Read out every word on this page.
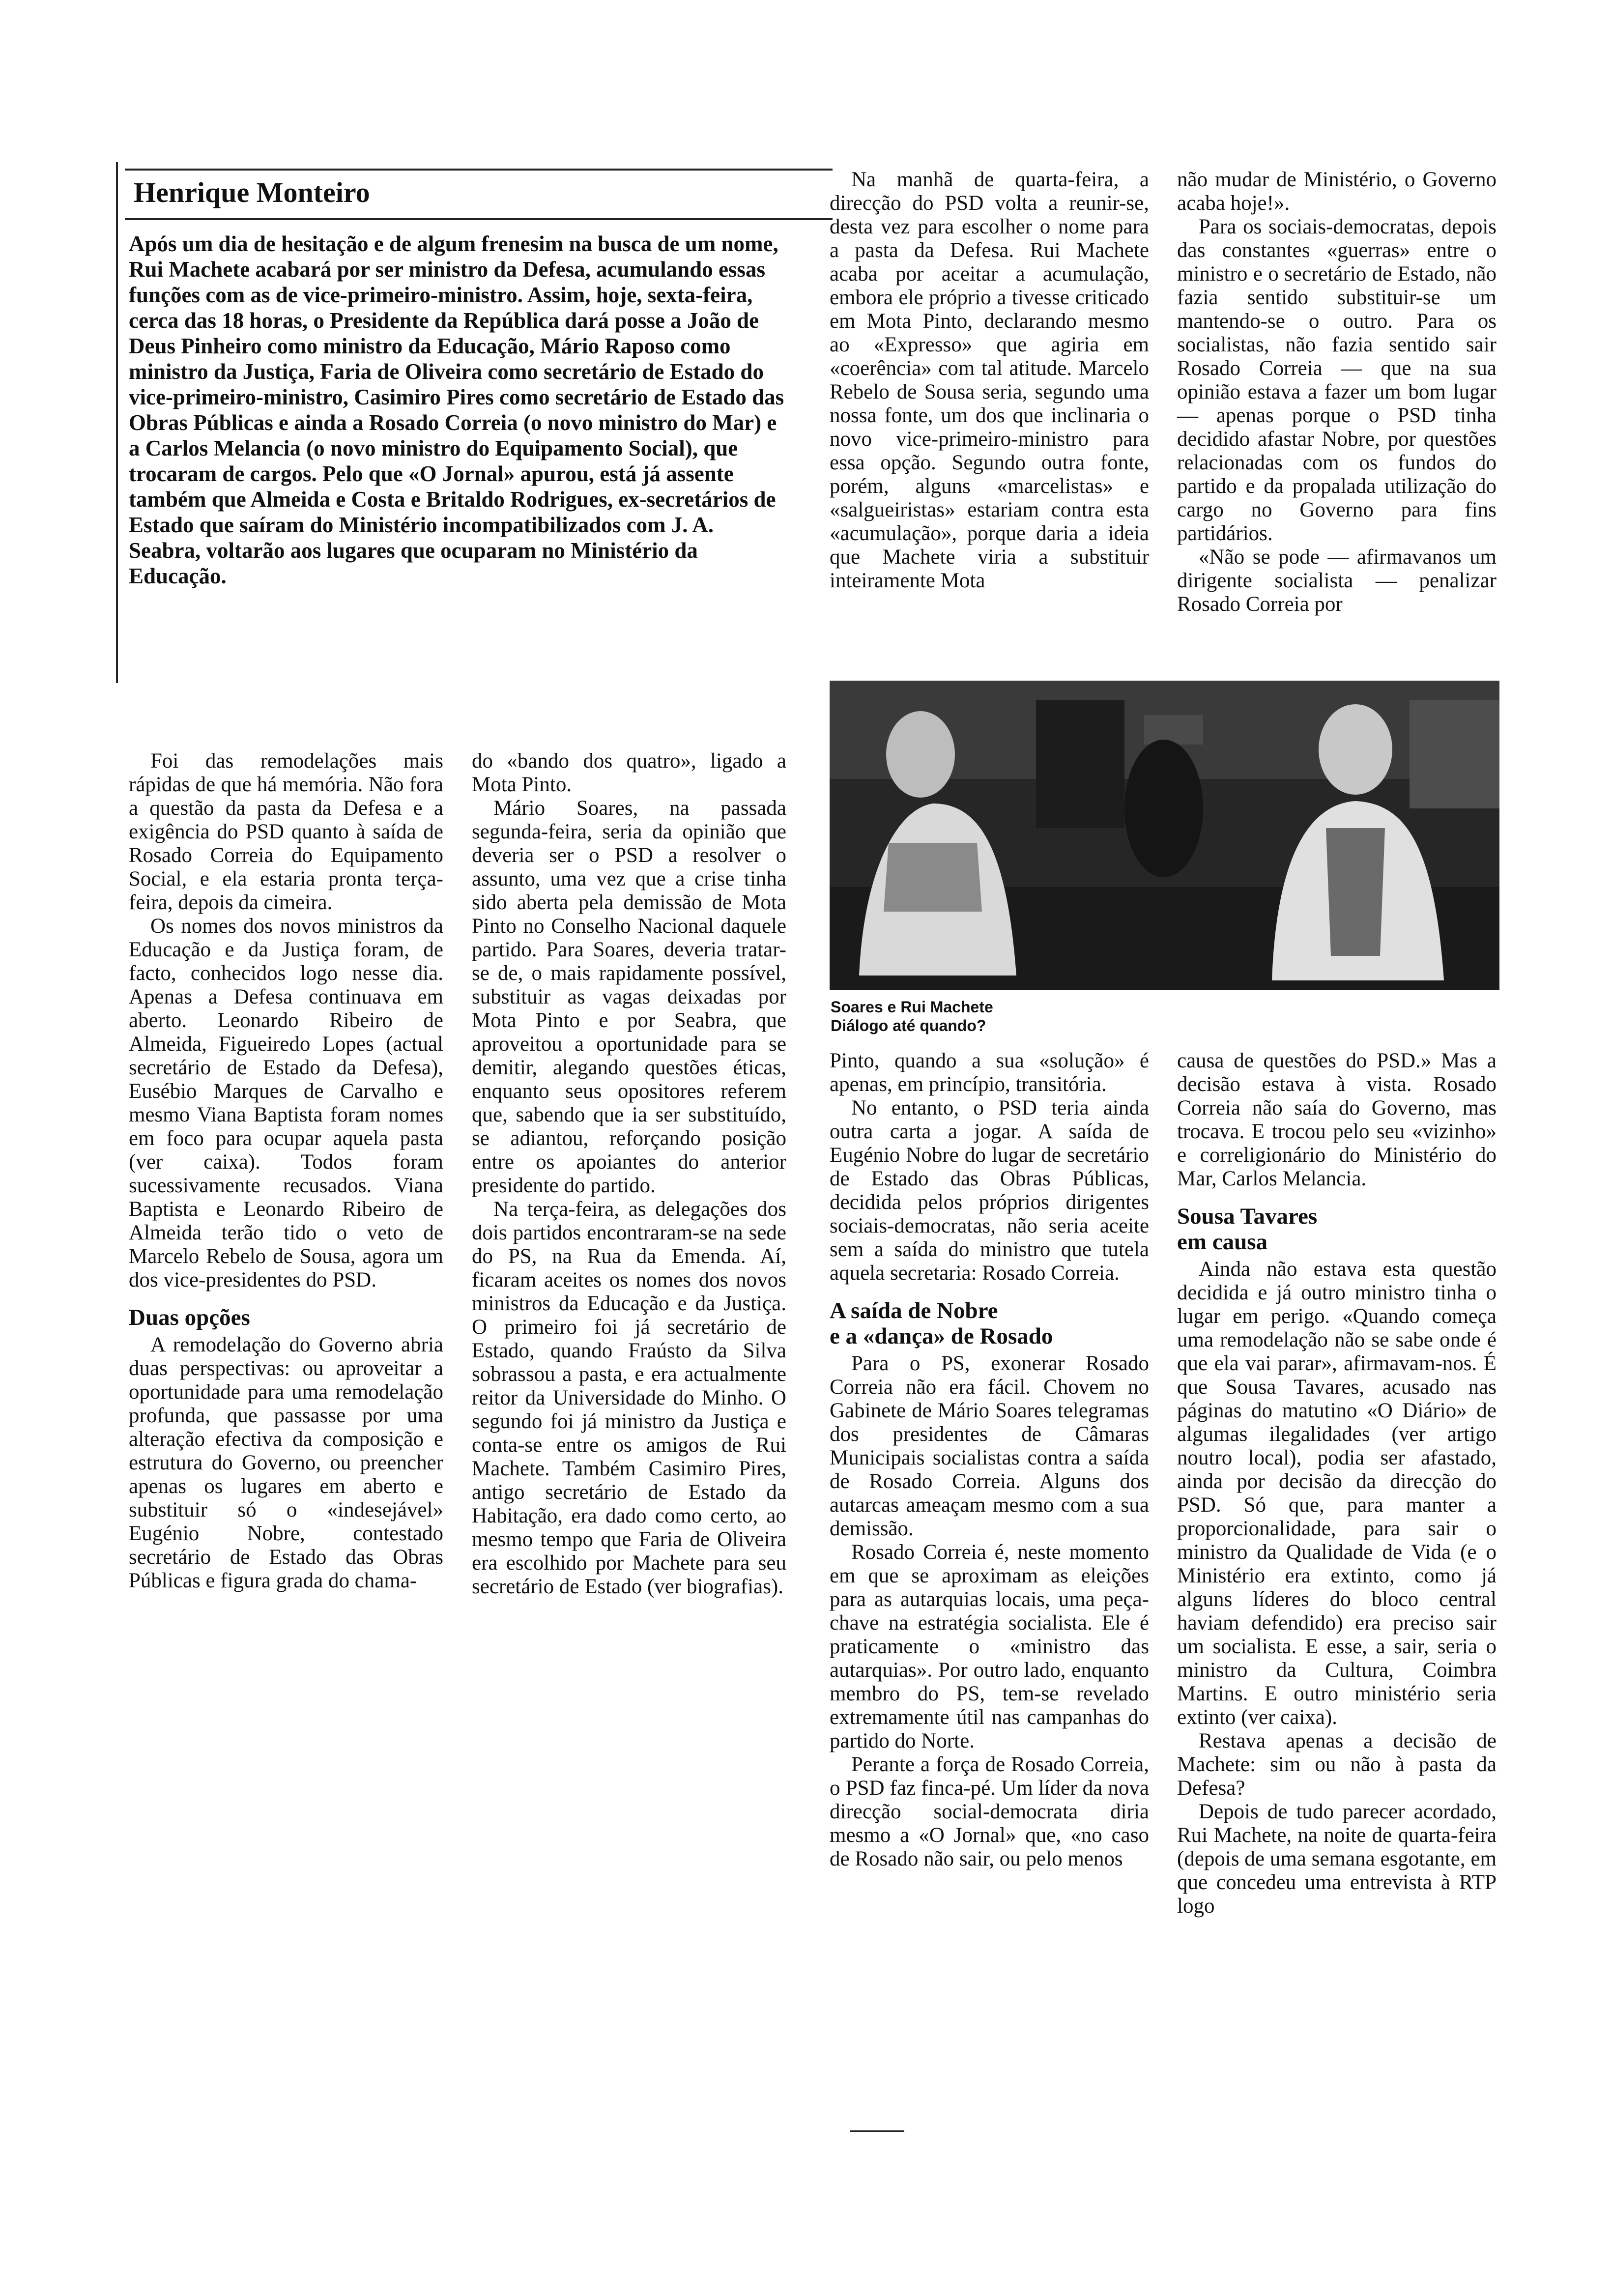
Henrique Monteiro

Após um dia de hesitação e de algum frenesim na busca de um nome, Rui Machete acabará por ser ministro da Defesa, acumulando essas funções com as de vice-primeiro-ministro. Assim, hoje, sexta-feira, cerca das 18 horas, o Presidente da República dará posse a João de Deus Pinheiro como ministro da Educação, Mário Raposo como ministro da Justiça, Faria de Oliveira como secretário de Estado do vice-primeiro-ministro, Casimiro Pires como secretário de Estado das Obras Públicas e ainda a Rosado Correia (o novo ministro do Mar) e a Carlos Melancia (o novo ministro do Equipamento Social), que trocaram de cargos. Pelo que «O Jornal» apurou, está já assente também que Almeida e Costa e Britaldo Rodrigues, ex-secretários de Estado que saíram do Ministério incompatibilizados com J. A. Seabra, voltarão aos lugares que ocuparam no Ministério da Educação.

Foi das remodelações mais rápidas de que há memória. Não fora a questão da pasta da Defesa e a exigência do PSD quanto à saída de Rosado Correia do Equipamento Social, e ela estaria pronta terça-feira, depois da cimeira.

Os nomes dos novos ministros da Educação e da Justiça foram, de facto, conhecidos logo nesse dia. Apenas a Defesa continuava em aberto. Leonardo Ribeiro de Almeida, Figueiredo Lopes (actual secretário de Estado da Defesa), Eusébio Marques de Carvalho e mesmo Viana Baptista foram nomes em foco para ocupar aquela pasta (ver caixa). Todos foram sucessivamente recusados. Viana Baptista e Leonardo Ribeiro de Almeida terão tido o veto de Marcelo Rebelo de Sousa, agora um dos vice-presidentes do PSD.

Duas opções

A remodelação do Governo abria duas perspectivas: ou aproveitar a oportunidade para uma remodelação profunda, que passasse por uma alteração efectiva da composição e estrutura do Governo, ou preencher apenas os lugares em aberto e substituir só o «indesejável» Eugénio Nobre, contestado secretário de Estado das Obras Públicas e figura grada do chama-

do «bando dos quatro», ligado a Mota Pinto.

Mário Soares, na passada segunda-feira, seria da opinião que deveria ser o PSD a resolver o assunto, uma vez que a crise tinha sido aberta pela demissão de Mota Pinto no Conselho Nacional daquele partido. Para Soares, deveria tratar-se de, o mais rapidamente possível, substituir as vagas deixadas por Mota Pinto e por Seabra, que aproveitou a oportunidade para se demitir, alegando questões éticas, enquanto seus opositores referem que, sabendo que ia ser substituído, se adiantou, reforçando posição entre os apoiantes do anterior presidente do partido.

Na terça-feira, as delegações dos dois partidos encontraram-se na sede do PS, na Rua da Emenda. Aí, ficaram aceites os nomes dos novos ministros da Educação e da Justiça. O primeiro foi já secretário de Estado, quando Fraústo da Silva sobrassou a pasta, e era actualmente reitor da Universidade do Minho. O segundo foi já ministro da Justiça e conta-se entre os amigos de Rui Machete. Também Casimiro Pires, antigo secretário de Estado da Habitação, era dado como certo, ao mesmo tempo que Faria de Oliveira era escolhido por Machete para seu secretário de Estado (ver biografias).

Na manhã de quarta-feira, a direcção do PSD volta a reunir-se, desta vez para escolher o nome para a pasta da Defesa. Rui Machete acaba por aceitar a acumulação, embora ele próprio a tivesse criticado em Mota Pinto, declarando mesmo ao «Expresso» que agiria em «coerência» com tal atitude. Marcelo Rebelo de Sousa seria, segundo uma nossa fonte, um dos que inclinaria o novo vice-primeiro-ministro para essa opção. Segundo outra fonte, porém, alguns «marcelistas» e «salgueiristas» estariam contra esta «acumulação», porque daria a ideia que Machete viria a substituir inteiramente Mota

não mudar de Ministério, o Governo acaba hoje!».

Para os sociais-democratas, depois das constantes «guerras» entre o ministro e o secretário de Estado, não fazia sentido substituir-se um mantendo-se o outro. Para os socialistas, não fazia sentido sair Rosado Correia — que na sua opinião estava a fazer um bom lugar — apenas porque o PSD tinha decidido afastar Nobre, por questões relacionadas com os fundos do partido e da propalada utilização do cargo no Governo para fins partidários.

«Não se pode — afirmavanos um dirigente socialista — penalizar Rosado Correia por

Soares e Rui Machete
Diálogo até quando?

Pinto, quando a sua «solução» é apenas, em princípio, transitória.

No entanto, o PSD teria ainda outra carta a jogar. A saída de Eugénio Nobre do lugar de secretário de Estado das Obras Públicas, decidida pelos próprios dirigentes sociais-democratas, não seria aceite sem a saída do ministro que tutela aquela secretaria: Rosado Correia.

A saída de Nobre
e a «dança» de Rosado

Para o PS, exonerar Rosado Correia não era fácil. Chovem no Gabinete de Mário Soares telegramas dos presidentes de Câmaras Municipais socialistas contra a saída de Rosado Correia. Alguns dos autarcas ameaçam mesmo com a sua demissão.

Rosado Correia é, neste momento em que se aproximam as eleições para as autarquias locais, uma peça-chave na estratégia socialista. Ele é praticamente o «ministro das autarquias». Por outro lado, enquanto membro do PS, tem-se revelado extremamente útil nas campanhas do partido do Norte.

Perante a força de Rosado Correia, o PSD faz finca-pé. Um líder da nova direcção social-democrata diria mesmo a «O Jornal» que, «no caso de Rosado não sair, ou pelo menos

causa de questões do PSD.» Mas a decisão estava à vista. Rosado Correia não saía do Governo, mas trocava. E trocou pelo seu «vizinho» e correligionário do Ministério do Mar, Carlos Melancia.

Sousa Tavares
em causa

Ainda não estava esta questão decidida e já outro ministro tinha o lugar em perigo. «Quando começa uma remodelação não se sabe onde é que ela vai parar», afirmavam-nos. É que Sousa Tavares, acusado nas páginas do matutino «O Diário» de algumas ilegalidades (ver artigo noutro local), podia ser afastado, ainda por decisão da direcção do PSD. Só que, para manter a proporcionalidade, para sair o ministro da Qualidade de Vida (e o Ministério era extinto, como já alguns líderes do bloco central haviam defendido) era preciso sair um socialista. E esse, a sair, seria o ministro da Cultura, Coimbra Martins. E outro ministério seria extinto (ver caixa).

Restava apenas a decisão de Machete: sim ou não à pasta da Defesa?

Depois de tudo parecer acordado, Rui Machete, na noite de quarta-feira (depois de uma semana esgotante, em que concedeu uma entrevista à RTP logo
